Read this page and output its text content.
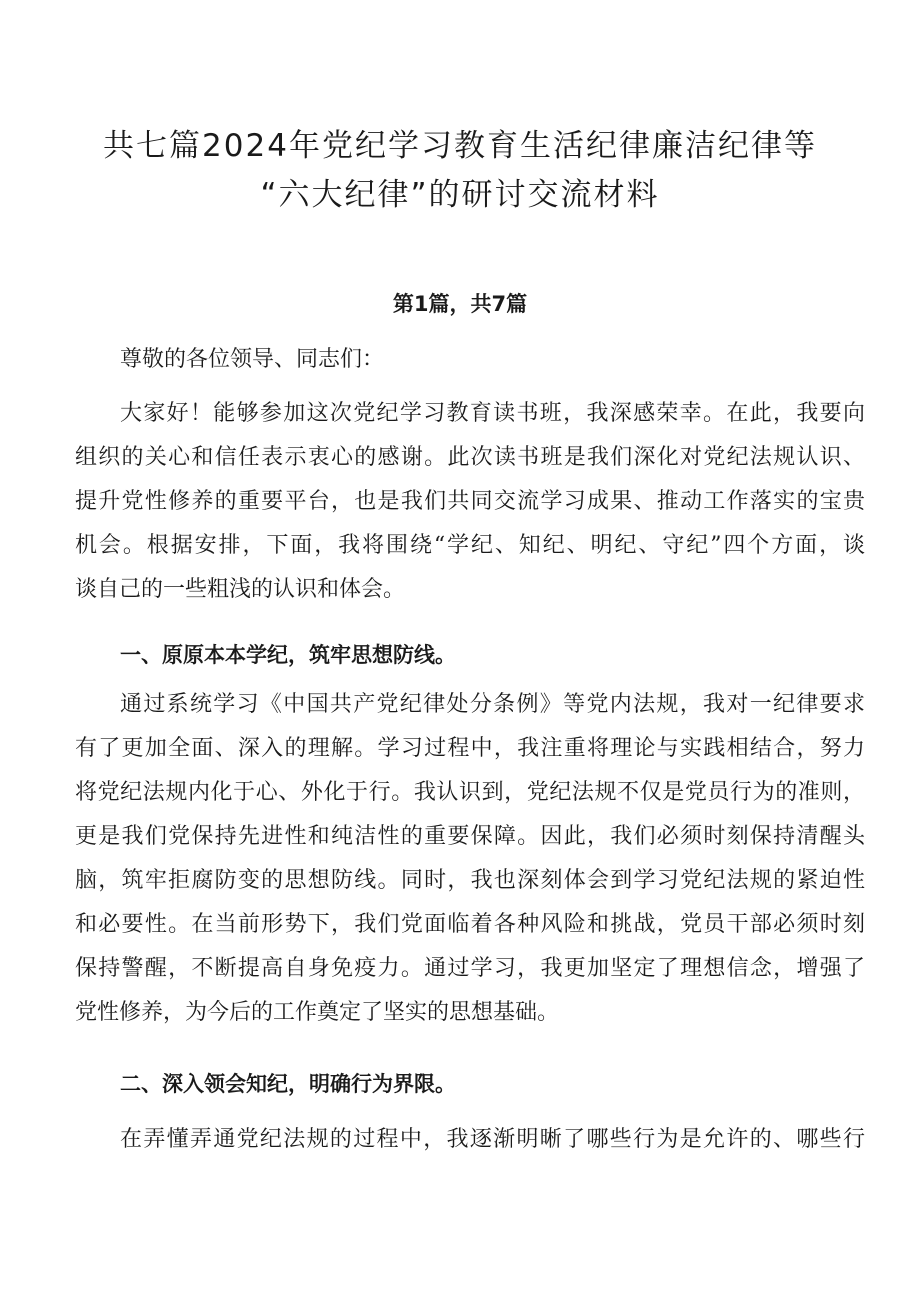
共七篇2024年党纪学习教育生活纪律廉洁纪律等
“六大纪律”的研讨交流材料

第1篇，共7篇

尊敬的各位领导、同志们：
大家好！能够参加这次党纪学习教育读书班，我深感荣幸。在此，我要向
组织的关心和信任表示衷心的感谢。此次读书班是我们深化对党纪法规认识、
提升党性修养的重要平台，也是我们共同交流学习成果、推动工作落实的宝贵
机会。根据安排，下面，我将围绕“学纪、知纪、明纪、守纪”四个方面，谈
谈自己的一些粗浅的认识和体会。

一、原原本本学纪，筑牢思想防线。

通过系统学习《中国共产党纪律处分条例》等党内法规，我对一纪律要求
有了更加全面、深入的理解。学习过程中，我注重将理论与实践相结合，努力
将党纪法规内化于心、外化于行。我认识到，党纪法规不仅是党员行为的准则，
更是我们党保持先进性和纯洁性的重要保障。因此，我们必须时刻保持清醒头
脑，筑牢拒腐防变的思想防线。同时，我也深刻体会到学习党纪法规的紧迫性
和必要性。在当前形势下，我们党面临着各种风险和挑战，党员干部必须时刻
保持警醒，不断提高自身免疫力。通过学习，我更加坚定了理想信念，增强了
党性修养，为今后的工作奠定了坚实的思想基础。

二、深入领会知纪，明确行为界限。

在弄懂弄通党纪法规的过程中，我逐渐明晰了哪些行为是允许的、哪些行
